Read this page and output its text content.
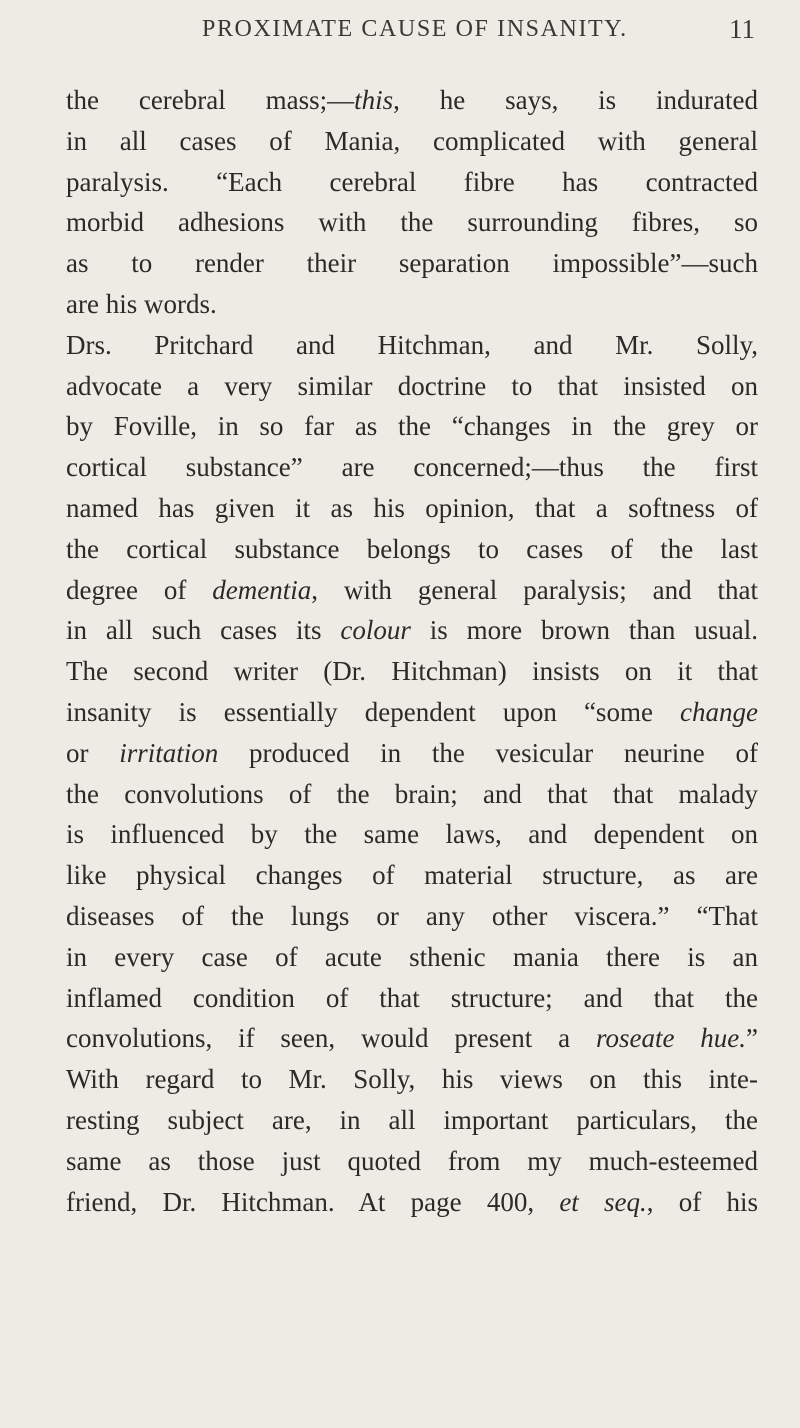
PROXIMATE CAUSE OF INSANITY.	11
the cerebral mass;—this, he says, is indurated
in all cases of Mania, complicated with general
paralysis. “Each cerebral fibre has contracted
morbid adhesions with the surrounding fibres, so
as to render their separation impossible”—such
are his words.
Drs. Pritchard and Hitchman, and Mr. Solly,
advocate a very similar doctrine to that insisted on
by Foville, in so far as the “changes in the grey or
cortical substance” are concerned;—thus the first
named has given it as his opinion, that a softness of
the cortical substance belongs to cases of the last
degree of dementia, with general paralysis; and that
in all such cases its colour is more brown than usual.
The second writer (Dr. Hitchman) insists on it that
insanity is essentially dependent upon “some change
or irritation produced in the vesicular neurine of
the convolutions of the brain; and that that malady
is influenced by the same laws, and dependent on
like physical changes of material structure, as are
diseases of the lungs or any other viscera.” “That
in every case of acute sthenic mania there is an
inflamed condition of that structure; and that the
convolutions, if seen, would present a roseate hue.”
With regard to Mr. Solly, his views on this inte-
resting subject are, in all important particulars, the
same as those just quoted from my much-esteemed
friend, Dr. Hitchman. At page 400, et seq., of his
